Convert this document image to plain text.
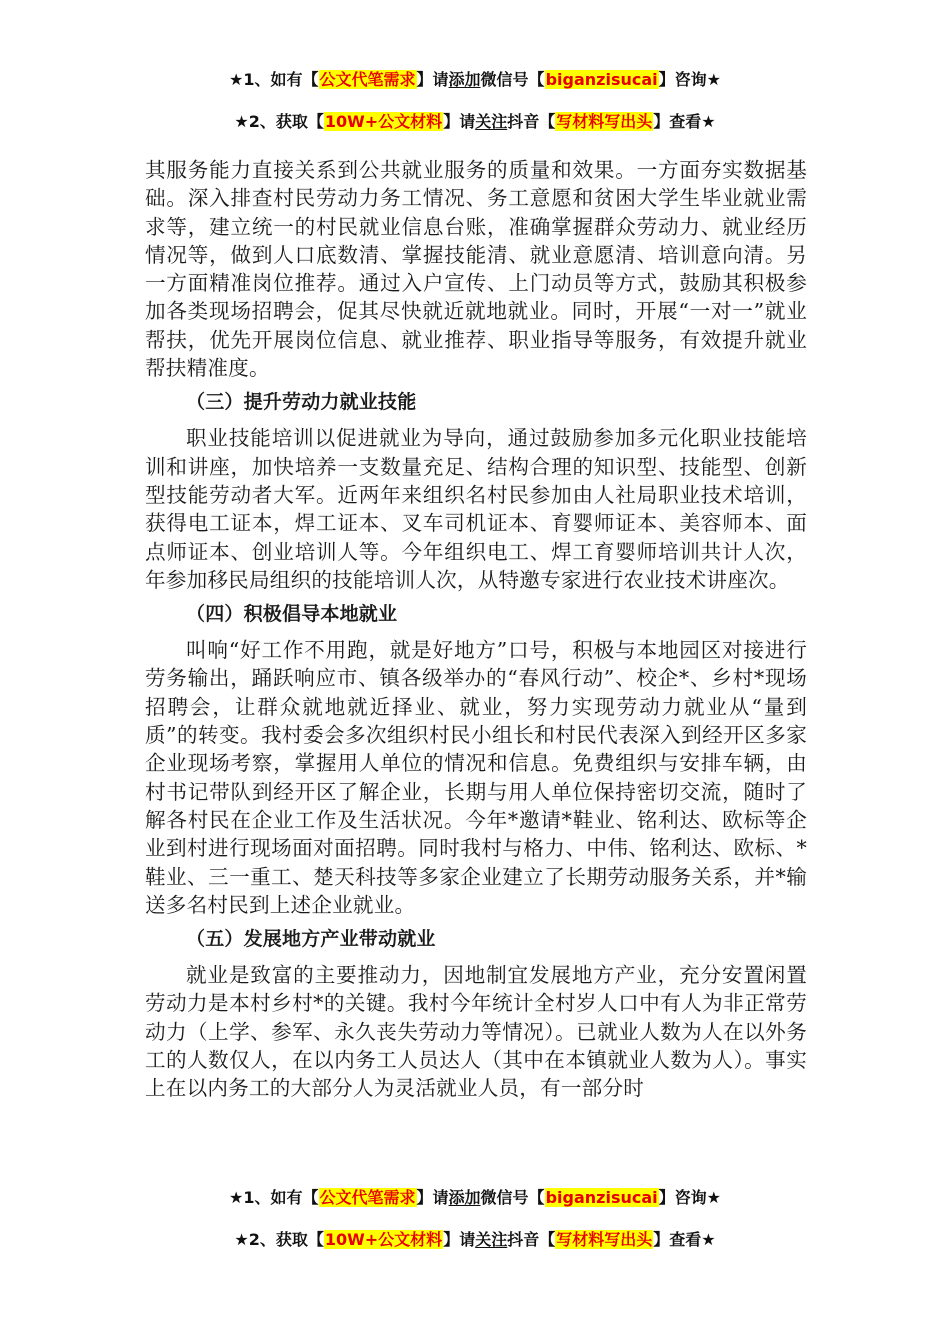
★1、如有【公文代笔需求】请添加微信号【biganzisucai】咨询★
★2、获取【10W+公文材料】请关注抖音【写材料写出头】查看★

其服务能力直接关系到公共就业服务的质量和效果。一方面夯实数据基础。深入排查村民劳动力务工情况、务工意愿和贫困大学生毕业就业需求等，建立统一的村民就业信息台账，准确掌握群众劳动力、就业经历情况等，做到人口底数清、掌握技能清、就业意愿清、培训意向清。另一方面精准岗位推荐。通过入户宣传、上门动员等方式，鼓励其积极参加各类现场招聘会，促其尽快就近就地就业。同时，开展“一对一”就业帮扶，优先开展岗位信息、就业推荐、职业指导等服务，有效提升就业帮扶精准度。

（三）提升劳动力就业技能

职业技能培训以促进就业为导向，通过鼓励参加多元化职业技能培训和讲座，加快培养一支数量充足、结构合理的知识型、技能型、创新型技能劳动者大军。近两年来组织名村民参加由人社局职业技术培训，获得电工证本，焊工证本、叉车司机证本、育婴师证本、美容师本、面点师证本、创业培训人等。今年组织电工、焊工育婴师培训共计人次，年参加移民局组织的技能培训人次，从特邀专家进行农业技术讲座次。

（四）积极倡导本地就业

叫响“好工作不用跑，就是好地方”口号，积极与本地园区对接进行劳务输出，踊跃响应市、镇各级举办的“春风行动”、校企*、乡村*现场招聘会，让群众就地就近择业、就业，努力实现劳动力就业从“量到质”的转变。我村委会多次组织村民小组长和村民代表深入到经开区多家企业现场考察，掌握用人单位的情况和信息。免费组织与安排车辆，由村书记带队到经开区了解企业，长期与用人单位保持密切交流，随时了解各村民在企业工作及生活状况。今年*邀请*鞋业、铭利达、欧标等企业到村进行现场面对面招聘。同时我村与格力、中伟、铭利达、欧标、*鞋业、三一重工、楚天科技等多家企业建立了长期劳动服务关系，并*输送多名村民到上述企业就业。

（五）发展地方产业带动就业

就业是致富的主要推动力，因地制宜发展地方产业，充分安置闲置劳动力是本村乡村*的关键。我村今年统计全村岁人口中有人为非正常劳动力（上学、参军、永久丧失劳动力等情况）。已就业人数为人在以外务工的人数仅人，在以内务工人员达人（其中在本镇就业人数为人）。事实上在以内务工的大部分人为灵活就业人员，有一部分时

★1、如有【公文代笔需求】请添加微信号【biganzisucai】咨询★
★2、获取【10W+公文材料】请关注抖音【写材料写出头】查看★
